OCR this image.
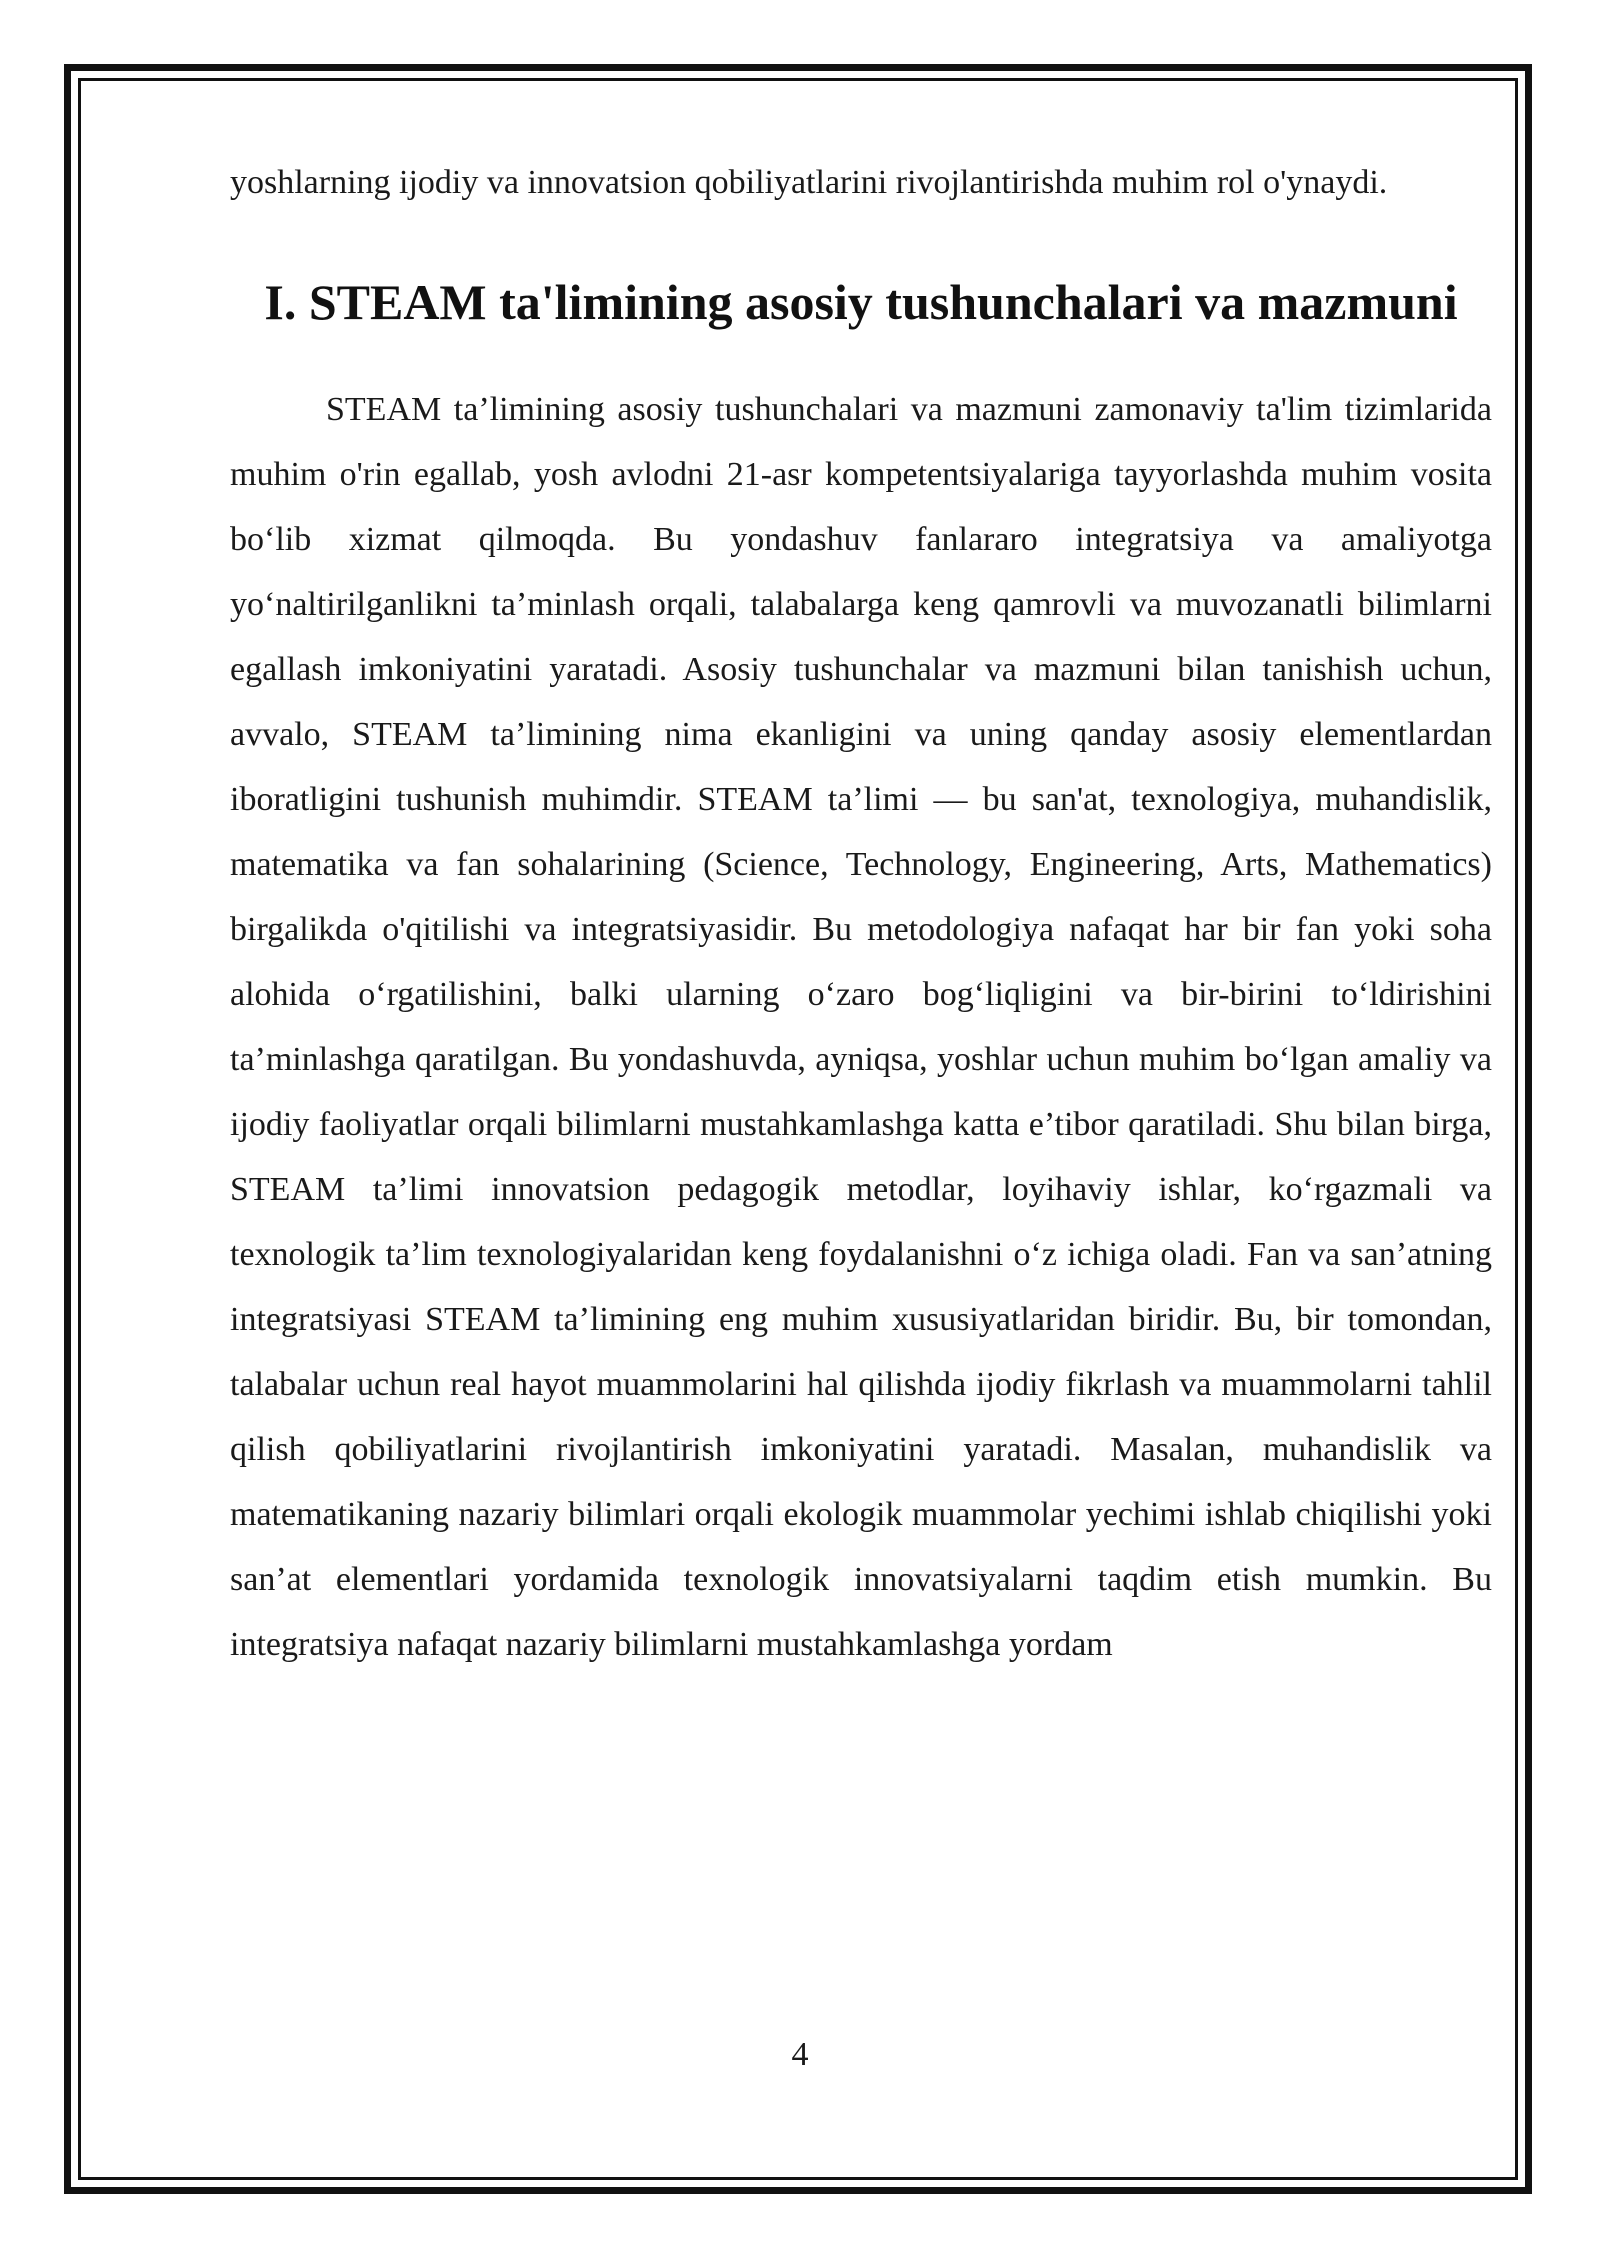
yoshlarning ijodiy va innovatsion qobiliyatlarini rivojlantirishda muhim rol o'ynaydi.

I. STEAM ta'limining asosiy tushunchalari va mazmuni

STEAM ta’limining asosiy tushunchalari va mazmuni zamonaviy ta'lim tizimlarida muhim o'rin egallab, yosh avlodni 21-asr kompetentsiyalariga tayyorlashda muhim vosita bo‘lib xizmat qilmoqda. Bu yondashuv fanlararo integratsiya va amaliyotga yo‘naltirilganlikni ta’minlash orqali, talabalarga keng qamrovli va muvozanatli bilimlarni egallash imkoniyatini yaratadi. Asosiy tushunchalar va mazmuni bilan tanishish uchun, avvalo, STEAM ta’limining nima ekanligini va uning qanday asosiy elementlardan iboratligini tushunish muhimdir. STEAM ta’limi — bu san'at, texnologiya, muhandislik, matematika va fan sohalarining (Science, Technology, Engineering, Arts, Mathematics) birgalikda o'qitilishi va integratsiyasidir. Bu metodologiya nafaqat har bir fan yoki soha alohida o‘rgatilishini, balki ularning o‘zaro bog‘liqligini va bir-birini to‘ldirishini ta’minlashga qaratilgan. Bu yondashuvda, ayniqsa, yoshlar uchun muhim bo‘lgan amaliy va ijodiy faoliyatlar orqali bilimlarni mustahkamlashga katta e’tibor qaratiladi. Shu bilan birga, STEAM ta’limi innovatsion pedagogik metodlar, loyihaviy ishlar, ko‘rgazmali va texnologik ta’lim texnologiyalaridan keng foydalanishni o‘z ichiga oladi. Fan va san’atning integratsiyasi STEAM ta’limining eng muhim xususiyatlaridan biridir. Bu, bir tomondan, talabalar uchun real hayot muammolarini hal qilishda ijodiy fikrlash va muammolarni tahlil qilish qobiliyatlarini rivojlantirish imkoniyatini yaratadi. Masalan, muhandislik va matematikaning nazariy bilimlari orqali ekologik muammolar yechimi ishlab chiqilishi yoki san’at elementlari yordamida texnologik innovatsiyalarni taqdim etish mumkin. Bu integratsiya nafaqat nazariy bilimlarni mustahkamlashga yordam

4
